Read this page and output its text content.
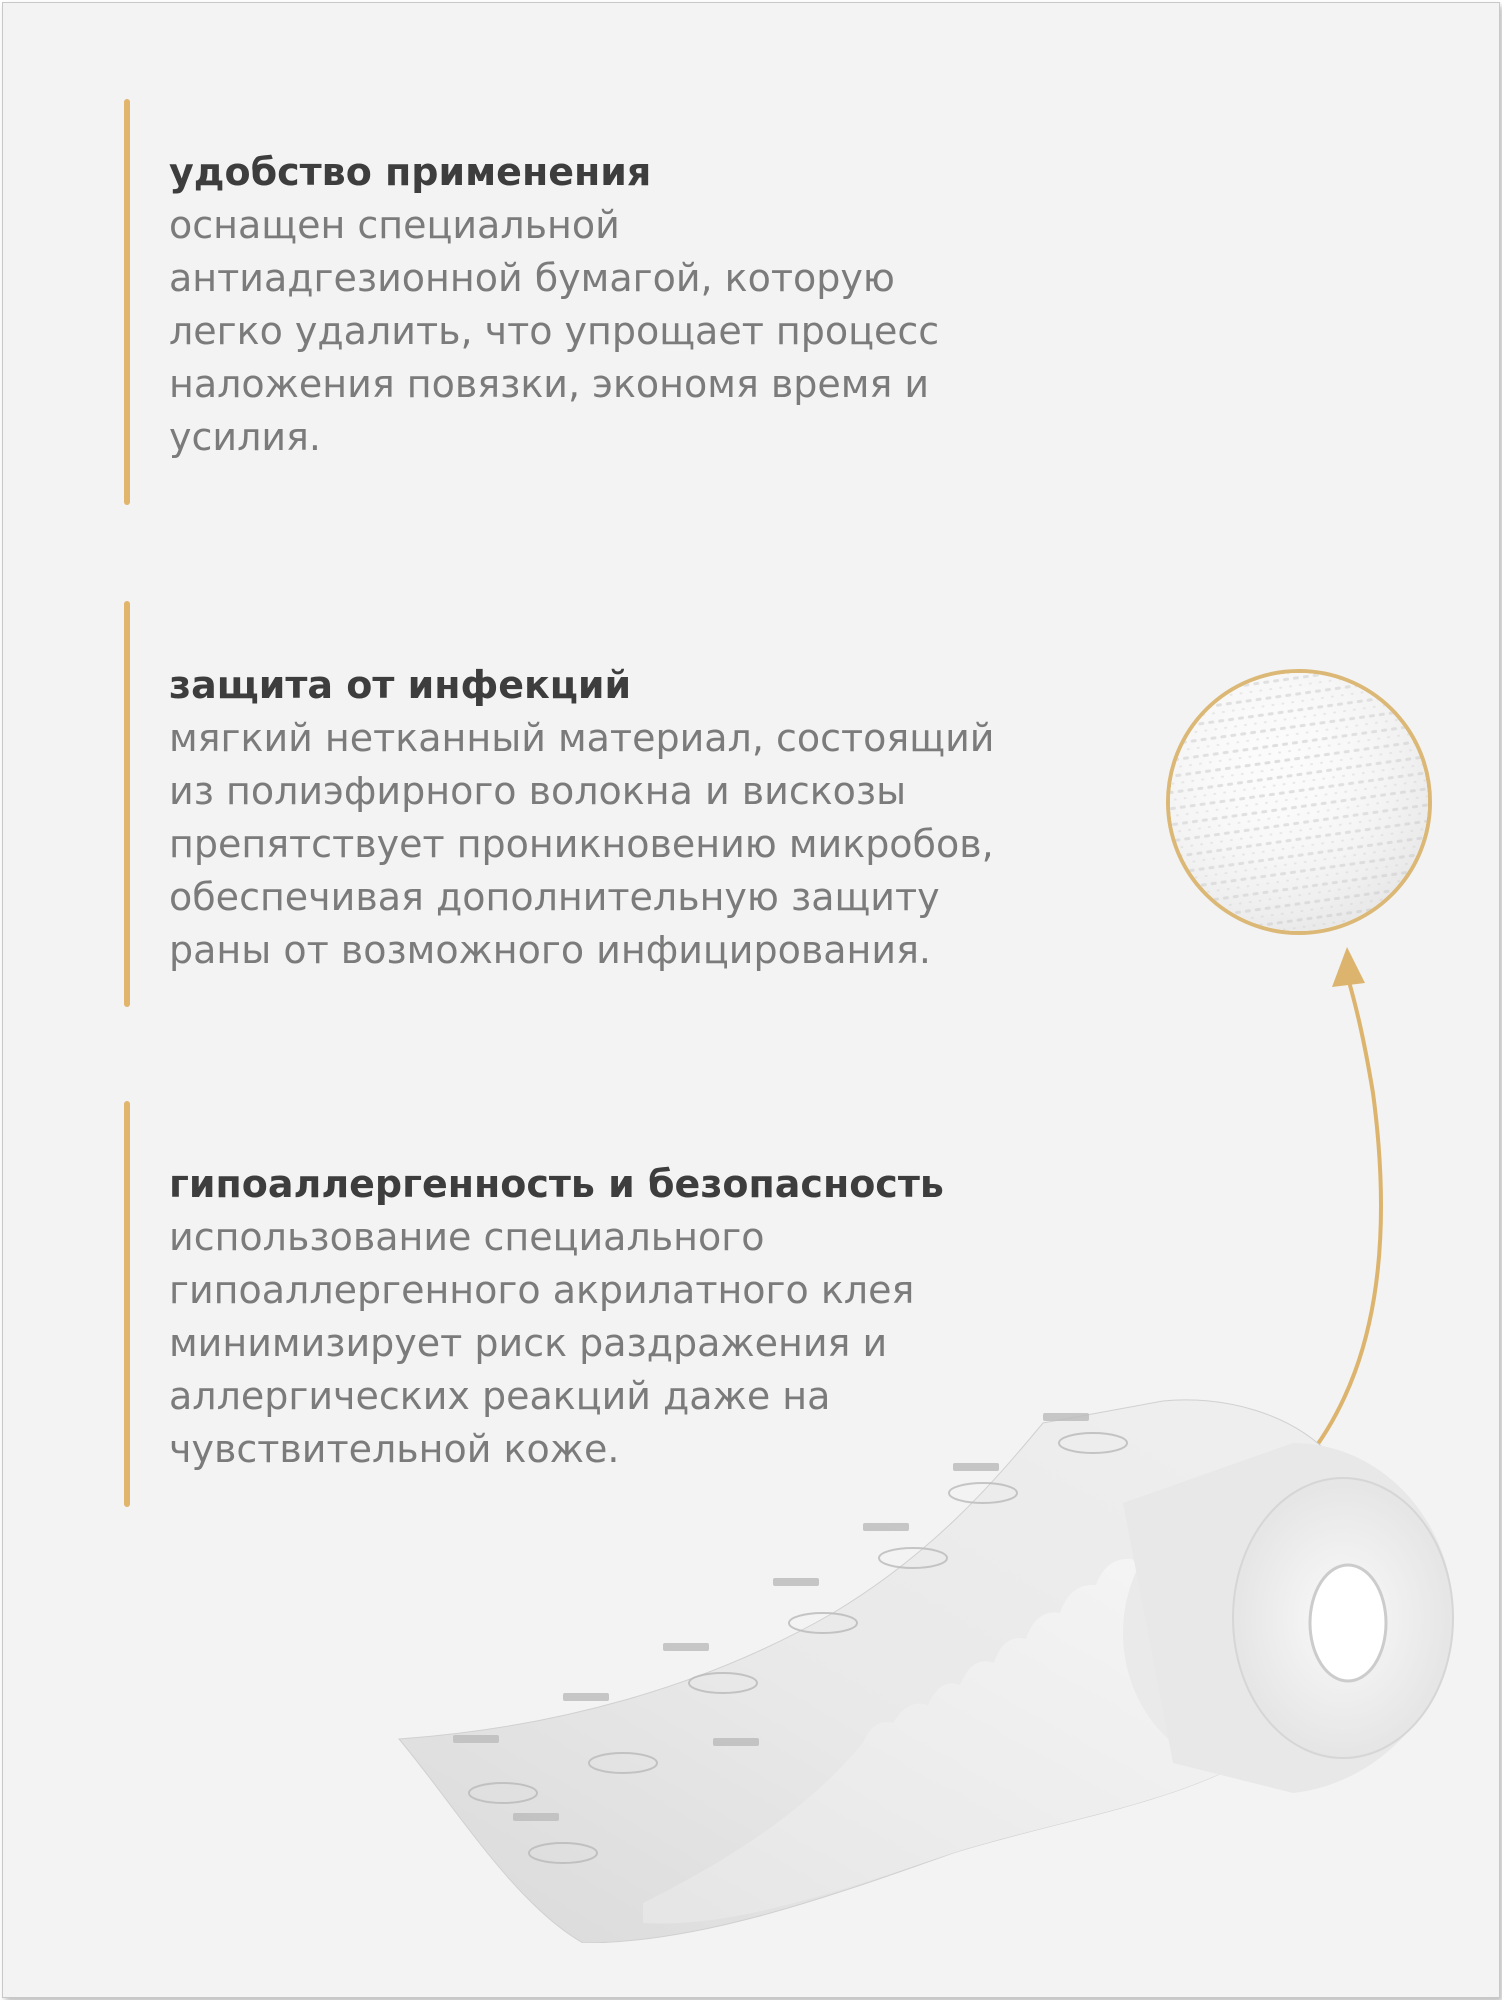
удобство применения

оснащен специальной
антиадгезионной бумагой, которую
легко удалить, что упрощает процесс
наложения повязки, экономя время и
усилия.

защита от инфекций

мягкий нетканный материал, состоящий
из полиэфирного волокна и вискозы
препятствует проникновению микробов,
обеспечивая дополнительную защиту
раны от возможного инфицирования.

гипоаллергенность и безопасность

использование специального
гипоаллергенного акрилатного клея
минимизирует риск раздражения и
аллергических реакций даже на
чувствительной коже.
